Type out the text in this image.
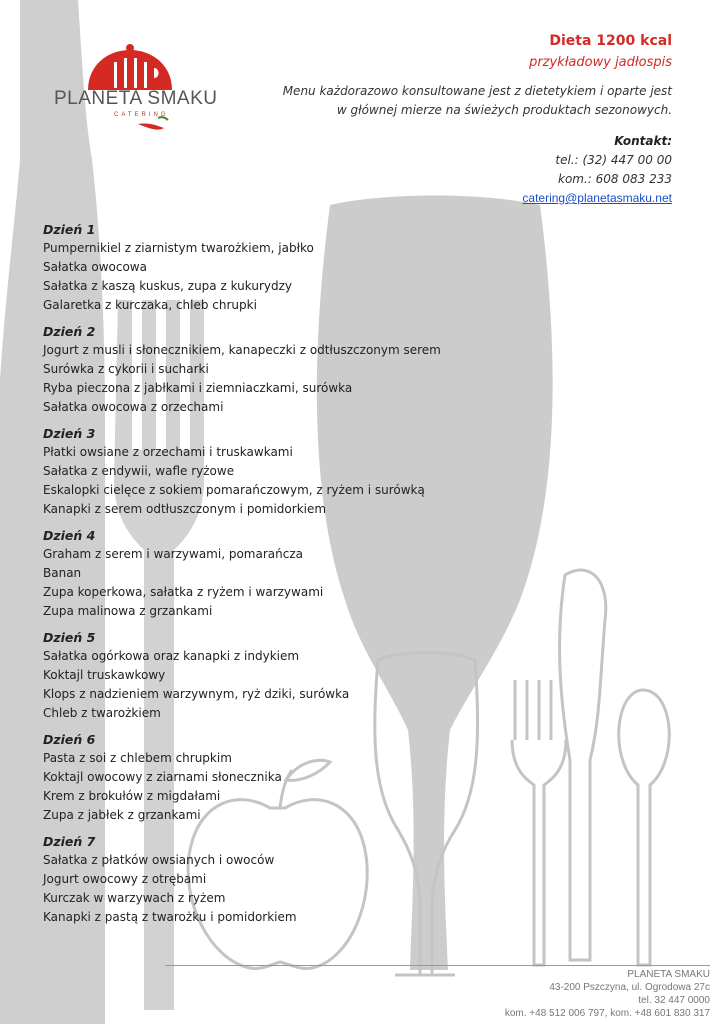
PLANETA SMAKU
CATERING
Dieta 1200 kcal
przykładowy jadłospis
Menu każdorazowo konsultowane jest z dietetykiem i oparte jest
w głównej mierze na świeżych produktach sezonowych.
Kontakt:
tel.: (32) 447 00 00
kom.: 608 083 233
catering@planetasmaku.net
Dzień 1
Pumpernikiel z ziarnistym twarożkiem, jabłko
Sałatka owocowa
Sałatka z kaszą kuskus, zupa z kukurydzy
Galaretka z kurczaka, chleb chrupki
Dzień 2
Jogurt z musli i słonecznikiem, kanapeczki z odtłuszczonym serem
Surówka z cykorii i sucharki
Ryba pieczona z jabłkami i ziemniaczkami, surówka
Sałatka owocowa z orzechami
Dzień 3
Płatki owsiane z orzechami i truskawkami
Sałatka z endywii, wafle ryżowe
Eskalopki cielęce z sokiem pomarańczowym, z ryżem i surówką
Kanapki z serem odtłuszczonym i pomidorkiem
Dzień 4
Graham z serem i warzywami, pomarańcza
Banan
Zupa koperkowa, sałatka z ryżem i warzywami
Zupa malinowa z grzankami
Dzień 5
Sałatka ogórkowa oraz kanapki z indykiem
Koktajl truskawkowy
Klops z nadzieniem warzywnym, ryż dziki, surówka
Chleb z twarożkiem
Dzień 6
Pasta z soi z chlebem chrupkim
Koktajl owocowy z ziarnami słonecznika
Krem z brokułów z migdałami
Zupa z jabłek z grzankami
Dzień 7
Sałatka z płatków owsianych i owoców
Jogurt owocowy z otrębami
Kurczak w warzywach z ryżem
Kanapki z pastą z twarożku i pomidorkiem
PLANETA SMAKU
43-200 Pszczyna, ul. Ogrodowa 27c
tel. 32 447 0000
kom. +48 512 006 797, kom. +48 601 830 317
